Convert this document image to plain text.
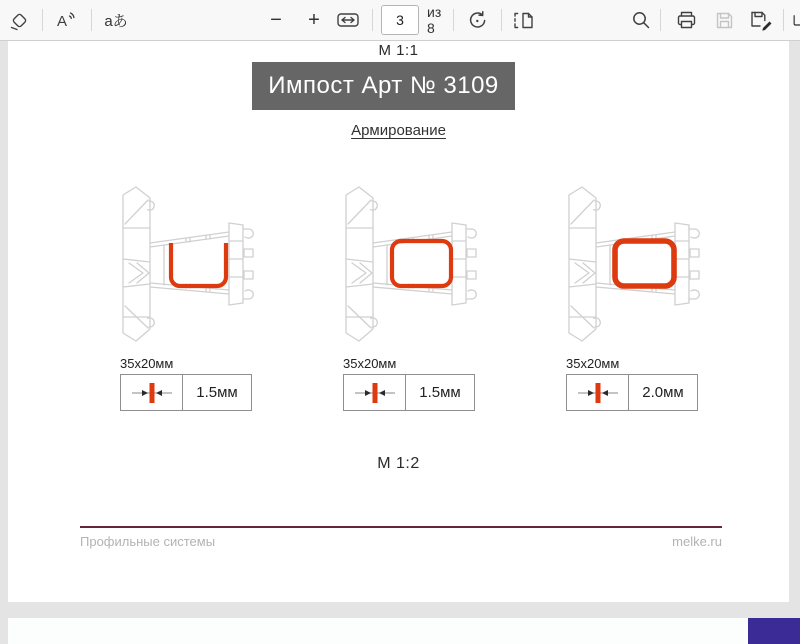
A аあ	− +
3	из 8
М 1:1
Импост Арт № 3109
Армирование
35х20мм
1.5мм
35х20мм
1.5мм
35х20мм
2.0мм
М 1:2
Профильные системы	melke.ru
